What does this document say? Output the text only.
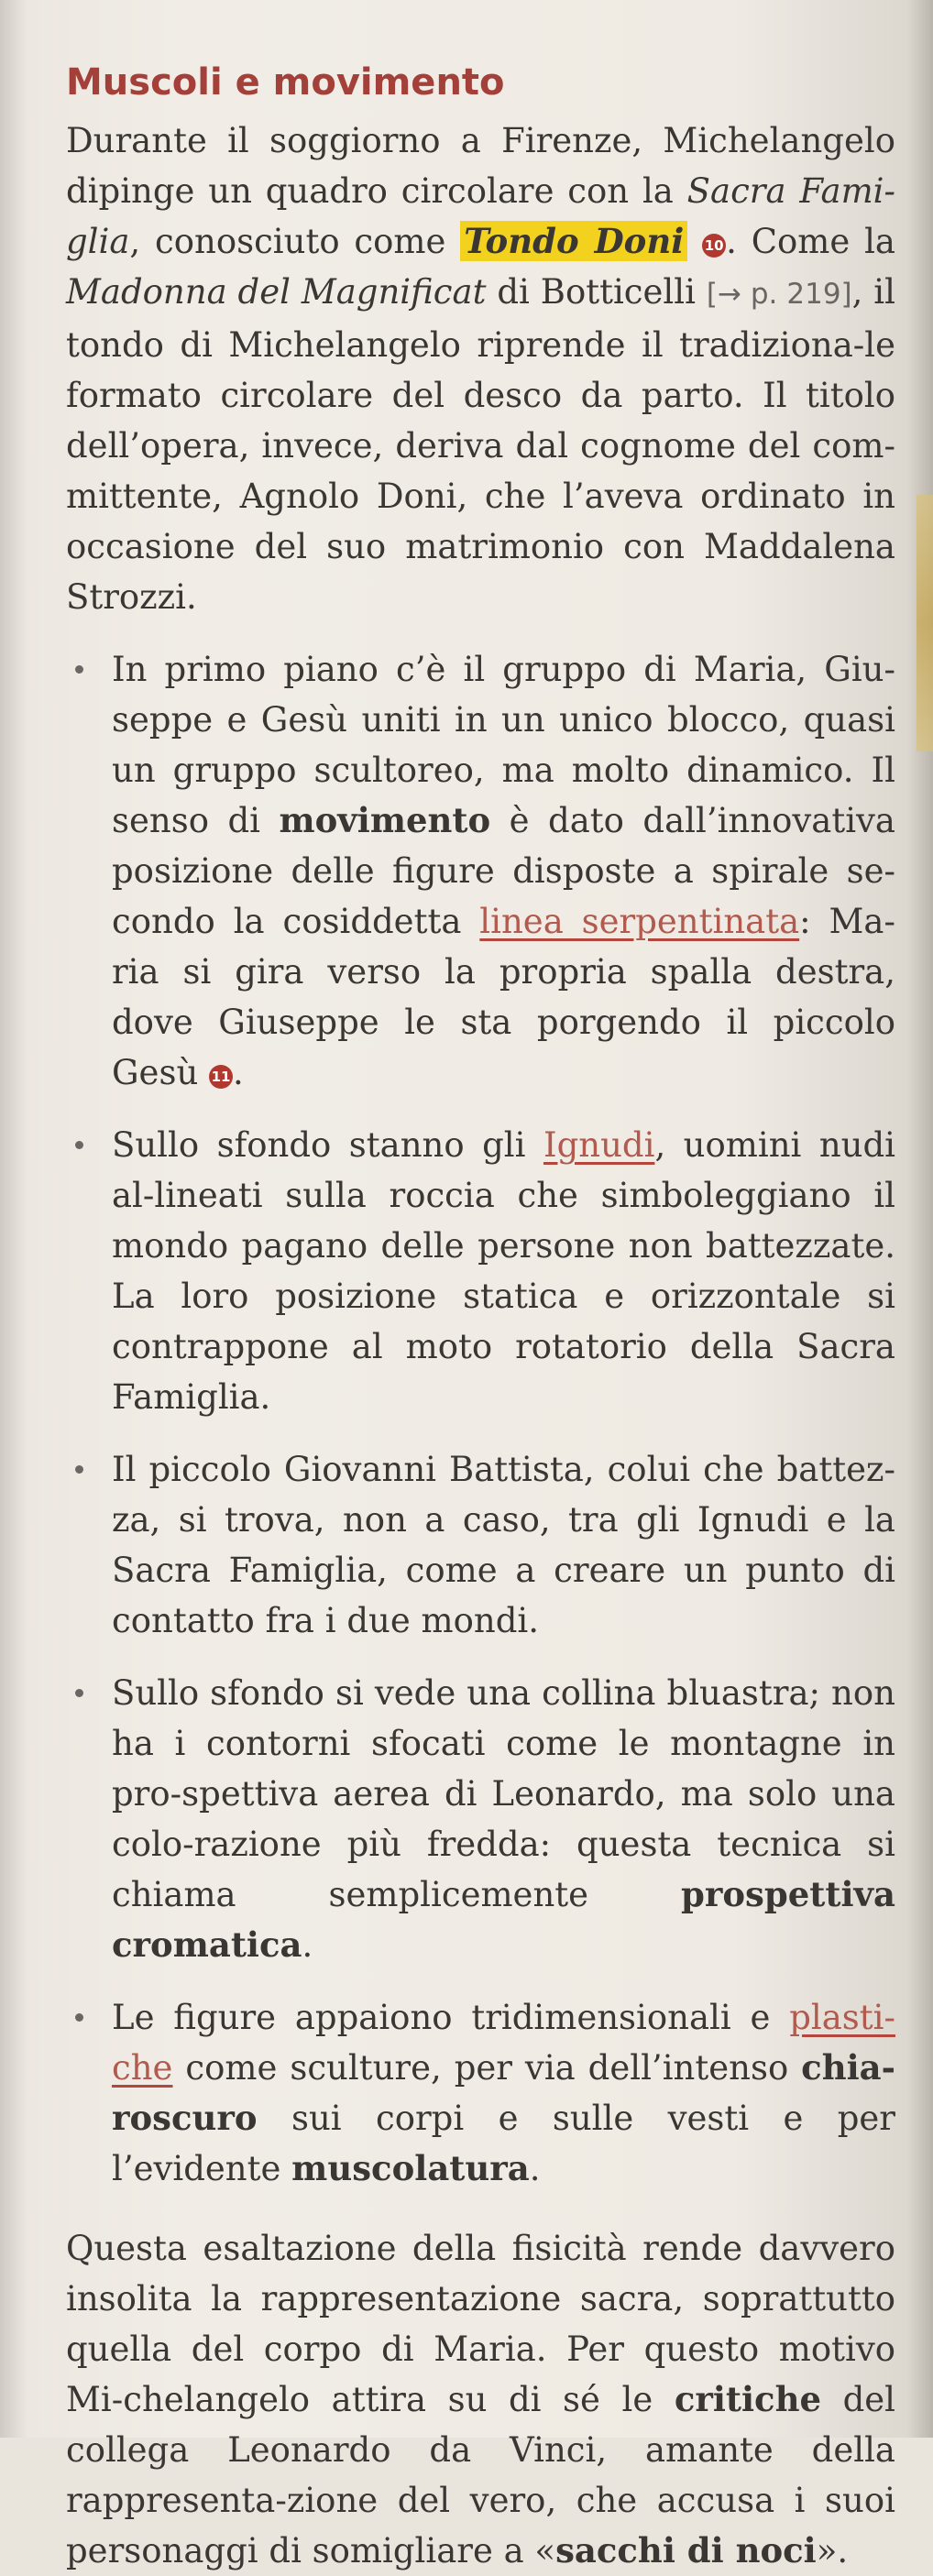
Muscoli e movimento

Durante il soggiorno a Firenze, Michelangelo dipinge un quadro circolare con la Sacra Fami-glia, conosciuto come Tondo Doni 10. Come la Madonna del Magnificat di Botticelli [→ p. 219], il tondo di Michelangelo riprende il tradiziona-le formato circolare del desco da parto. Il titolo dell’opera, invece, deriva dal cognome del com-mittente, Agnolo Doni, che l’aveva ordinato in occasione del suo matrimonio con Maddalena Strozzi.

In primo piano c’è il gruppo di Maria, Giu-seppe e Gesù uniti in un unico blocco, quasi un gruppo scultoreo, ma molto dinamico. Il senso di movimento è dato dall’innovativa posizione delle figure disposte a spirale se-condo la cosiddetta linea serpentinata: Ma-ria si gira verso la propria spalla destra, dove Giuseppe le sta porgendo il piccolo Gesù 11.
Sullo sfondo stanno gli Ignudi, uomini nudi al-lineati sulla roccia che simboleggiano il mondo pagano delle persone non battezzate. La loro posizione statica e orizzontale si contrappone al moto rotatorio della Sacra Famiglia.
Il piccolo Giovanni Battista, colui che battez-za, si trova, non a caso, tra gli Ignudi e la Sacra Famiglia, come a creare un punto di contatto fra i due mondi.
Sullo sfondo si vede una collina bluastra; non ha i contorni sfocati come le montagne in pro-spettiva aerea di Leonardo, ma solo una colo-razione più fredda: questa tecnica si chiama semplicemente prospettiva cromatica.
Le figure appaiono tridimensionali e plasti-che come sculture, per via dell’intenso chia-roscuro sui corpi e sulle vesti e per l’evidente muscolatura.

Questa esaltazione della fisicità rende davvero insolita la rappresentazione sacra, soprattutto quella del corpo di Maria. Per questo motivo Mi-chelangelo attira su di sé le critiche del collega Leonardo da Vinci, amante della rappresenta-zione del vero, che accusa i suoi personaggi di somigliare a «sacchi di noci».
